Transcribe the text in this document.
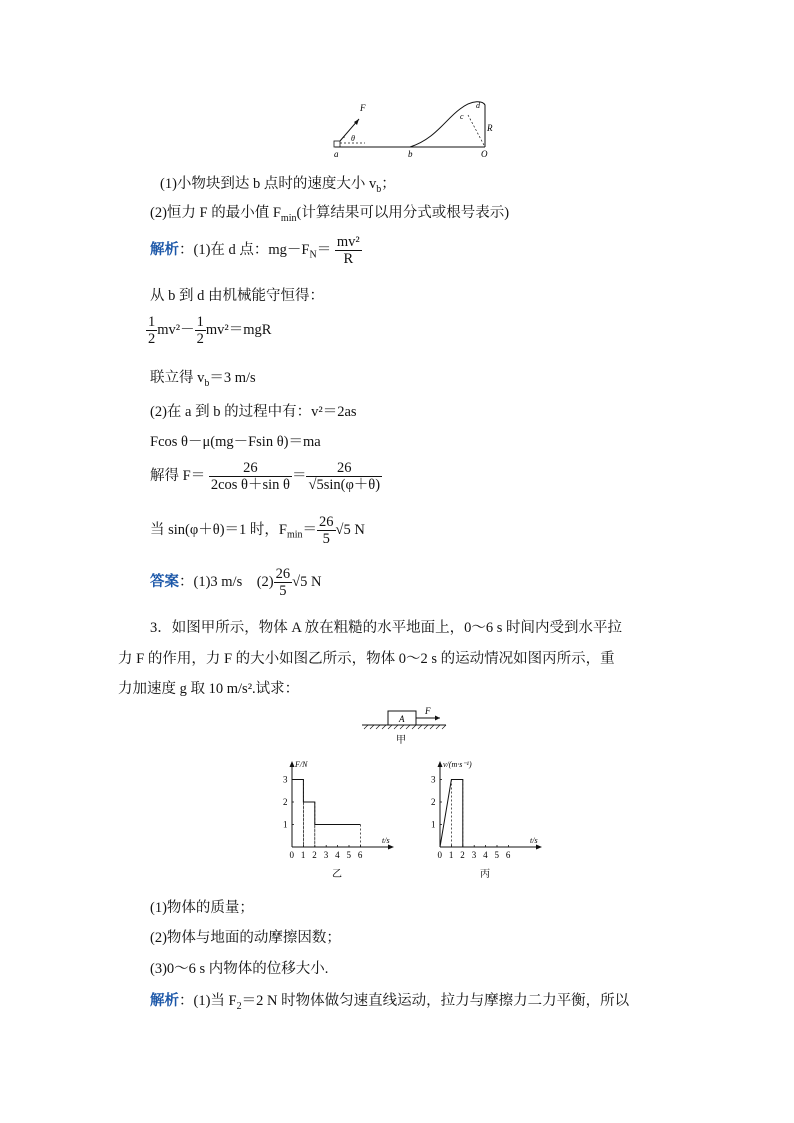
F
θ
a	b
c
d
R
O
(1)小物块到达 b 点时的速度大小 $v_b$；
(2)恒力 F 的最小值 $F_{min}$(计算结果可以用分式或根号表示)
解析：(1)在 d 点：$mg-F_N= \frac{\text{mv²}}{R}$
从 b 到 d 由机械能守恒得：
$\frac{1}{2} mv^2- \frac{1}{2} mv^2=mgR$
联立得 $v_b=3$ m/s
(2)在 a 到 b 的过程中有：v²＝2as
Fcos θ－μ(mg－Fsin θ)＝ma
解得 $F= \frac{26}{\text{2cos θ＋sin θ}} = \frac{26}{√5\sin(\varphi+\theta)}$
当 sin(φ＋θ)＝1 时，$F_{min}= \frac{26}{5} √5$ N
答案：(1)3 m/s　$(2) \frac{26}{5} √5$ N
3．如图甲所示，物体 A 放在粗糙的水平地面上，0～6 s 时间内受到水平拉
力 F 的作用，力 F 的大小如图乙所示，物体 0～2 s 的运动情况如图丙所示，重
力加速度 g 取 10 m/s².试求：
A
F
甲
F/N
t/s
0 1 2 3 4 5 6
1
2
3
乙
v/(m·s⁻¹)
t/s
0 1 2 3 4 5 6
1
2
3
丙
(1)物体的质量；
(2)物体与地面的动摩擦因数；
(3)0～6 s 内物体的位移大小.
解析：(1)当 $F_2=2$ N 时物体做匀速直线运动，拉力与摩擦力二力平衡，所以
